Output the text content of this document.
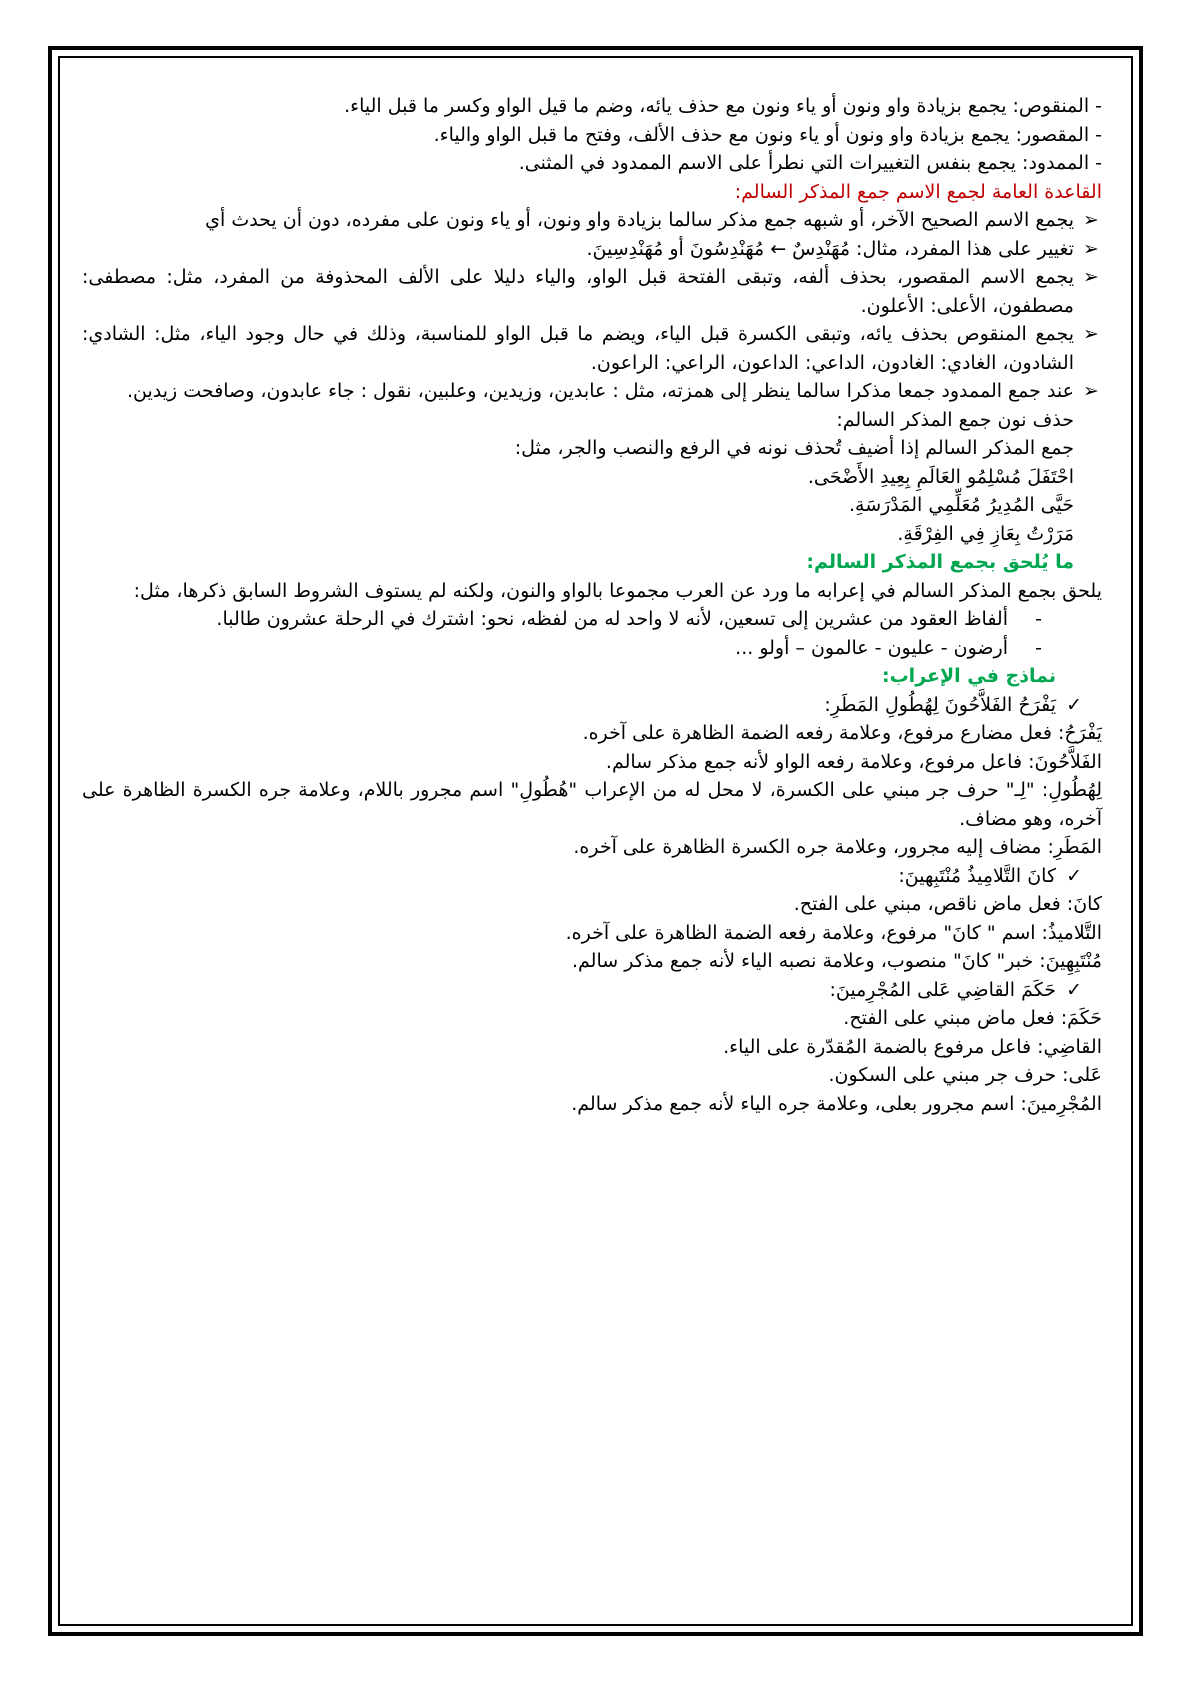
- المنقوص: يجمع بزيادة واو ونون أو ياء ونون مع حذف يائه، وضم ما قيل الواو وكسر ما قبل الياء.

- المقصور: يجمع بزيادة واو ونون أو ياء ونون مع حذف الألف، وفتح ما قبل الواو والياء.

- الممدود: يجمع بنفس التغييرات التي نطرأ على الاسم الممدود في المثنى.

القاعدة العامة لجمع الاسم جمع المذكر السالم:

➢
يجمع الاسم الصحيح الآخر، أو شبهه جمع مذكر سالما بزيادة واو ونون، أو ياء ونون على مفرده، دون أن يحدث أي
➢
تغيير على هذا المفرد، مثال: مُهَنْدِسٌ ← مُهَنْدِسُونَ أو مُهَنْدِسِينَ.
➢
يجمع الاسم المقصور، بحذف ألفه، وتبقى الفتحة قبل الواو، والياء دليلا على الألف المحذوفة من المفرد، مثل: مصطفى: مصطفون، الأعلى: الأعلون.
➢
يجمع المنقوص بحذف يائه، وتبقى الكسرة قبل الياء، ويضم ما قبل الواو للمناسبة، وذلك في حال وجود الياء، مثل: الشادي: الشادون، الغادي: الغادون، الداعي: الداعون، الراعي: الراعون.
➢
عند جمع الممدود جمعا مذكرا سالما ينظر إلى همزته، مثل : عابدين، وزيدين، وعلبين، نقول : جاء عابدون، وصافحت زيدين.

حذف نون جمع المذكر السالم:

جمع المذكر السالم إذا أضيف تُحذف نونه في الرفع والنصب والجر، مثل:

احْتَفَلَ مُسْلِمُو العَالَمِ بِعِيدِ الأَضْحَى.

حَيَّى المُدِيرُ مُعَلِّمِي المَدْرَسَةِ.

مَرَرْتُ بِعَازِ فِي الفِرْقَةِ.

ما يُلحق بجمع المذكر السالم:

يلحق بجمع المذكر السالم في إعرابه ما ورد عن العرب مجموعا بالواو والنون، ولكنه لم يستوف الشروط السابق ذكرها، مثل:

-
ألفاظ العقود من عشرين إلى تسعين، لأنه لا واحد له من لفظه، نحو: اشترك في الرحلة عشرون طالبا.
-
أرضون - عليون - عالمون – أولو ...

نماذج في الإعراب:

✓
يَفْرَحُ الفَلاَّحُونَ لِهُطُولِ المَطَرِ:

يَفْرَحُ: فعل مضارع مرفوع، وعلامة رفعه الضمة الظاهرة على آخره.

الفَلاَّحُونَ: فاعل مرفوع، وعلامة رفعه الواو لأنه جمع مذكر سالم.

لِهُطُولِ: "لِـ" حرف جر مبني على الكسرة، لا محل له من الإعراب "هُطُولِ" اسم مجرور باللام، وعلامة جره الكسرة الظاهرة على آخره، وهو مضاف.

المَطَرِ: مضاف إليه مجرور، وعلامة جره الكسرة الظاهرة على آخره.

✓
كانَ التَّلامِيذُ مُنْتَبِهينَ:

كانَ: فعل ماض ناقص، مبني على الفتح.

التَّلاميذُ: اسم " كانَ" مرفوع، وعلامة رفعه الضمة الظاهرة على آخره.

مُنْتَبِهِينَ: خبر" كانَ" منصوب، وعلامة نصبه الياء لأنه جمع مذكر سالم.

✓
حَكَمَ القاضِي عَلى المُجْرِمينَ:

حَكَمَ: فعل ماض مبني على الفتح.

القاضِي: فاعل مرفوع بالضمة المُقدّرة على الياء.

عَلى: حرف جر مبني على السكون.

المُجْرِمينَ: اسم مجرور بعلى، وعلامة جره الياء لأنه جمع مذكر سالم.
